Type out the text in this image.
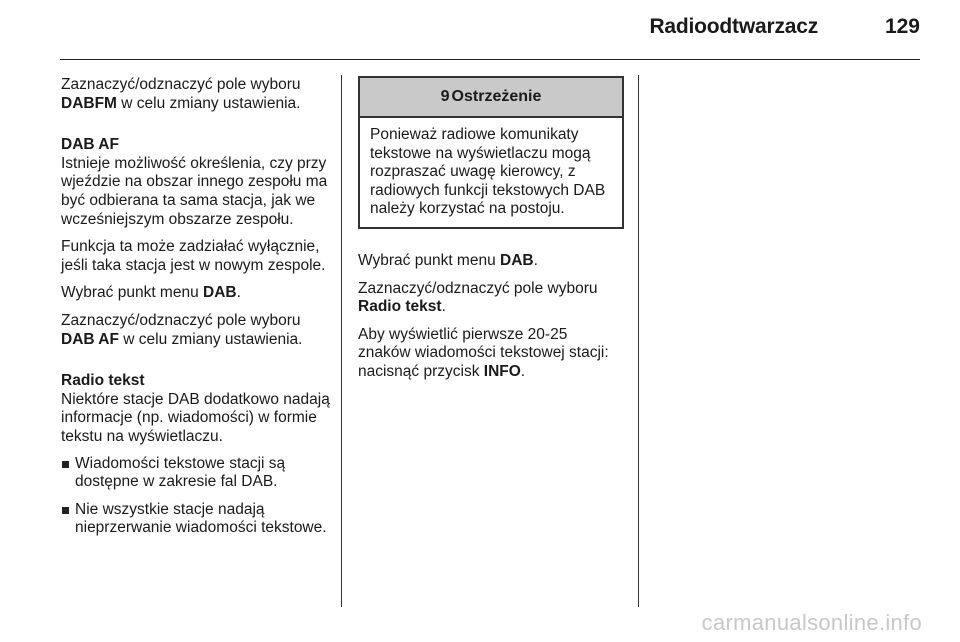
Radioodtwarzacz	129

Zaznaczyć/odznaczyć pole wyboru DABFM w celu zmiany ustawienia.

DAB AF

Istnieje możliwość określenia, czy przy wjeździe na obszar innego zespołu ma być odbierana ta sama stacja, jak we wcześniejszym obszarze zespołu.

Funkcja ta może zadziałać wyłącznie, jeśli taka stacja jest w nowym zespole.

Wybrać punkt menu DAB.

Zaznaczyć/odznaczyć pole wyboru DAB AF w celu zmiany ustawienia.

Radio tekst

Niektóre stacje DAB dodatkowo nadają informacje (np. wiadomości) w formie tekstu na wyświetlaczu.

Wiadomości tekstowe stacji są dostępne w zakresie fal DAB.
Nie wszystkie stacje nadają nieprzerwanie wiadomości tekstowe.
9 Ostrzeżenie
Ponieważ radiowe komunikaty tekstowe na wyświetlaczu mogą rozpraszać uwagę kierowcy, z radiowych funkcji tekstowych DAB należy korzystać na postoju.

Wybrać punkt menu DAB.

Zaznaczyć/odznaczyć pole wyboru Radio tekst.

Aby wyświetlić pierwsze 20-25 znaków wiadomości tekstowej stacji: nacisnąć przycisk INFO.

carmanualsonline.info
